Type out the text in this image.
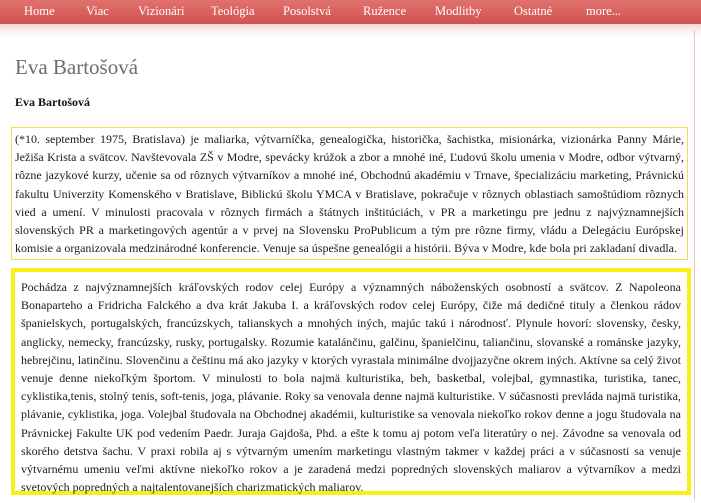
Home	Viac Vizionári Teológia Posolstvá	Ružence Modlitby	Ostatné	more...
Eva Bartošová
Eva Bartošová

(*10. september 1975, Bratislava) je maliarka, výtvarníčka, genealogička, historička, šachistka, misionárka, vizionárka Panny Márie, Ježiša Krista a svätcov. Navštevovala ZŠ v Modre, spevácky krúžok a zbor a mnohé iné, Ľudovú školu umenia v Modre, odbor výtvarný, rôzne jazykové kurzy, učenie sa od rôznych výtvarníkov a mnohé iné, Obchodnú akadémiu v Trnave, špecializáciu marketing, Právnickú fakultu Univerzity Komenského v Bratislave, Biblickú školu YMCA v Bratislave, pokračuje v rôznych oblastiach samoštúdiom rôznych vied a umení. V minulosti pracovala v rôznych firmách a štátnych inštitúciách, v PR a marketingu pre jednu z najvýznamnejších slovenských PR a marketingových agentúr a v prvej na Slovensku ProPublicum a tým pre rôzne firmy, vládu a Delegáciu Európskej komisie a organizovala medzinárodné konferencie. Venuje sa úspešne genealógii a histórii. Býva v Modre, kde bola pri zakladaní divadla.

Pochádza z najvýznamnejších kráľovských rodov celej Európy a významných náboženských osobností a svätcov. Z Napoleona Bonaparteho a Fridricha Falckého a dva krát Jakuba I. a kráľovských rodov celej Európy, čiže má dedičné tituly a členkou rádov španielskych, portugalských, francúzskych, talianskych a mnohých iných, majúc takú i národnosť. Plynule hovorí: slovensky, česky, anglicky, nemecky, francúzsky, rusky, portugalsky. Rozumie katalánčinu, galčinu, španielčinu, taliančinu, slovanské a románske jazyky, hebrejčinu, latinčinu. Slovenčinu a češtinu má ako jazyky v ktorých vyrastala minimálne dvojjazyčne okrem iných. Aktívne sa celý život venuje denne niekoľkým športom. V minulosti to bola najmä kulturistika, beh, basketbal, volejbal, gymnastika, turistika, tanec, cyklistika,tenis, stolný tenis, soft-tenis, joga, plávanie. Roky sa venovala denne najmä kulturistike. V súčasnosti prevláda najmä turistika, plávanie, cyklistika, joga. Volejbal študovala na Obchodnej akadémii, kulturistike sa venovala niekoľko rokov denne a jogu študovala na Právnickej Fakulte UK pod vedením Paedr. Juraja Gajdoša, Phd. a ešte k tomu aj potom veľa literatúry o nej. Závodne sa venovala od skorého detstva šachu. V praxi robila aj s výtvarným umením marketingu vlastným takmer v každej práci a v súčasnosti sa venuje výtvarnému umeniu veľmi aktívne niekoľko rokov a je zaradená medzi popredných slovenských maliarov a výtvarníkov a medzi svetových popredných a najtalentovanejších charizmatických maliarov.
